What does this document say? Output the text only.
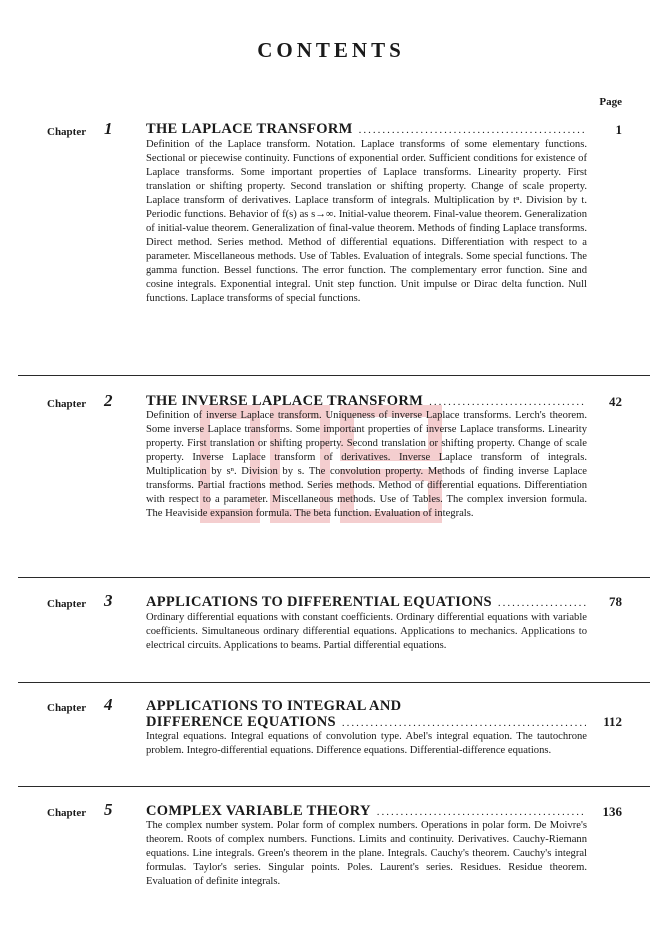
CONTENTS
Page
Chapter 1 THE LAPLACE TRANSFORM .....	1
Definition of the Laplace transform. Notation. Laplace transforms of some elementary functions. Sectional or piecewise continuity. Functions of exponential order. Sufficient conditions for existence of Laplace transforms. Some important properties of Laplace transforms. Linearity property. First translation or shifting property. Second translation or shifting property. Change of scale property. Laplace transform of derivatives. Laplace transform of integrals. Multiplication by tⁿ. Division by t. Periodic functions. Behavior of f(s) as s→∞. Initial-value theorem. Final-value theorem. Generalization of initial-value theorem. Generalization of final-value theorem. Methods of finding Laplace transforms. Direct method. Series method. Method of differential equations. Differentiation with respect to a parameter. Miscellaneous methods. Use of Tables. Evaluation of integrals. Some special functions. The gamma function. Bessel functions. The error function. The complementary error function. Sine and cosine integrals. Exponential integral. Unit step function. Unit impulse or Dirac delta function. Null functions. Laplace transforms of special functions.
Chapter 2 THE INVERSE LAPLACE TRANSFORM .....	42
Definition of inverse Laplace transform. Uniqueness of inverse Laplace transforms. Lerch's theorem. Some inverse Laplace transforms. Some important properties of inverse Laplace transforms. Linearity property. First translation or shifting property. Second translation or shifting property. Change of scale property. Inverse Laplace transform of derivatives. Inverse Laplace transform of integrals. Multiplication by sⁿ. Division by s. The convolution property. Methods of finding inverse Laplace transforms. Partial fractions method. Series methods. Method of differential equations. Differentiation with respect to a parameter. Miscellaneous methods. Use of Tables. The complex inversion formula. The Heaviside expansion formula. The beta function. Evaluation of integrals.
Chapter 3 APPLICATIONS TO DIFFERENTIAL EQUATIONS .....	78
Ordinary differential equations with constant coefficients. Ordinary differential equations with variable coefficients. Simultaneous ordinary differential equations. Applications to mechanics. Applications to electrical circuits. Applications to beams. Partial differential equations.
Chapter 4 APPLICATIONS TO INTEGRAL AND
DIFFERENCE EQUATIONS .....	112
Integral equations. Integral equations of convolution type. Abel's integral equation. The tautochrone problem. Integro-differential equations. Difference equations. Differential-difference equations.
Chapter 5 COMPLEX VARIABLE THEORY .....	136
The complex number system. Polar form of complex numbers. Operations in polar form. De Moivre's theorem. Roots of complex numbers. Functions. Limits and continuity. Derivatives. Cauchy-Riemann equations. Line integrals. Green's theorem in the plane. Integrals. Cauchy's theorem. Cauchy's integral formulas. Taylor's series. Singular points. Poles. Laurent's series. Residues. Residue theorem. Evaluation of definite integrals.
